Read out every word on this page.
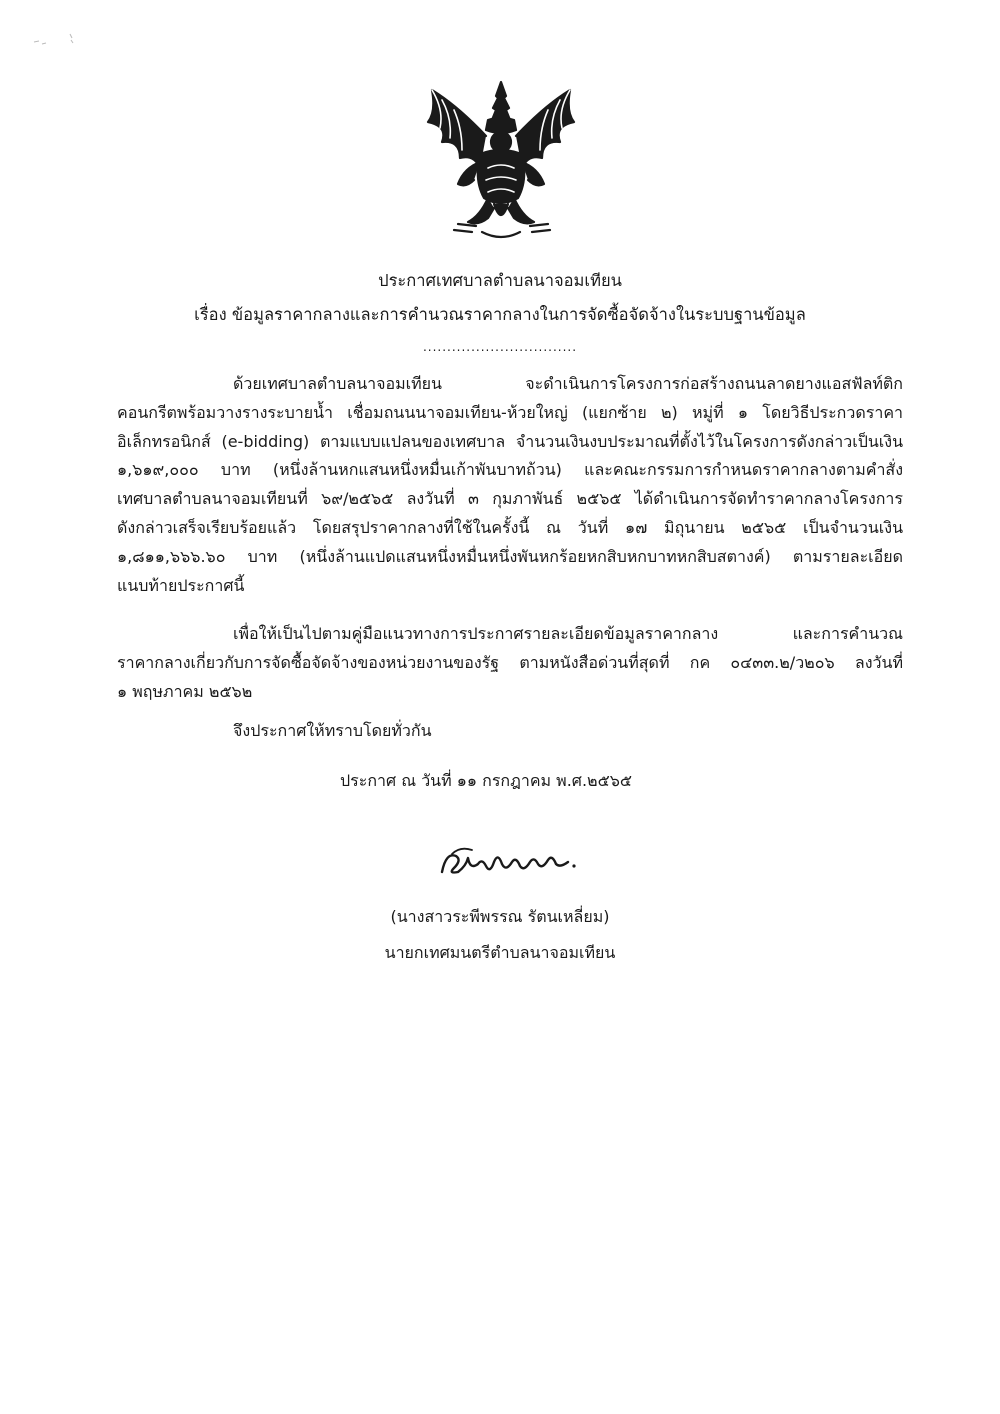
ประกาศเทศบาลตำบลนาจอมเทียน
เรื่อง ข้อมูลราคากลางและการคำนวณราคากลางในการจัดซื้อจัดจ้างในระบบฐานข้อมูล
................................
ด้วยเทศบาลตำบลนาจอมเทียน จะดำเนินการโครงการก่อสร้างถนนลาดยางแอสฟัลท์ติก
คอนกรีตพร้อมวางรางระบายน้ำ เชื่อมถนนนาจอมเทียน-ห้วยใหญ่ (แยกซ้าย ๒) หมู่ที่ ๑ โดยวิธีประกวดราคา
อิเล็กทรอนิกส์ (e-bidding) ตามแบบแปลนของเทศบาล จำนวนเงินงบประมาณที่ตั้งไว้ในโครงการดังกล่าวเป็นเงิน
๑,๖๑๙,๐๐๐ บาท (หนึ่งล้านหกแสนหนึ่งหมื่นเก้าพันบาทถ้วน) และคณะกรรมการกำหนดราคากลางตามคำสั่ง
เทศบาลตำบลนาจอมเทียนที่ ๖๙/๒๕๖๕ ลงวันที่ ๓ กุมภาพันธ์ ๒๕๖๕ ได้ดำเนินการจัดทำราคากลางโครงการ
ดังกล่าวเสร็จเรียบร้อยแล้ว โดยสรุปราคากลางที่ใช้ในครั้งนี้ ณ วันที่ ๑๗ มิถุนายน ๒๕๖๕ เป็นจำนวนเงิน
๑,๘๑๑,๖๖๖.๖๐ บาท (หนึ่งล้านแปดแสนหนึ่งหมื่นหนึ่งพันหกร้อยหกสิบหกบาทหกสิบสตางค์) ตามรายละเอียด
แนบท้ายประกาศนี้
เพื่อให้เป็นไปตามคู่มือแนวทางการประกาศรายละเอียดข้อมูลราคากลาง และการคำนวณ
ราคากลางเกี่ยวกับการจัดซื้อจัดจ้างของหน่วยงานของรัฐ ตามหนังสือด่วนที่สุดที่ กค ๐๔๓๓.๒/ว๒๐๖ ลงวันที่
๑ พฤษภาคม ๒๕๖๒
จึงประกาศให้ทราบโดยทั่วกัน
ประกาศ ณ วันที่ ๑๑ กรกฎาคม พ.ศ.๒๕๖๕
(นางสาวระพีพรรณ รัตนเหลี่ยม)
นายกเทศมนตรีตำบลนาจอมเทียน
